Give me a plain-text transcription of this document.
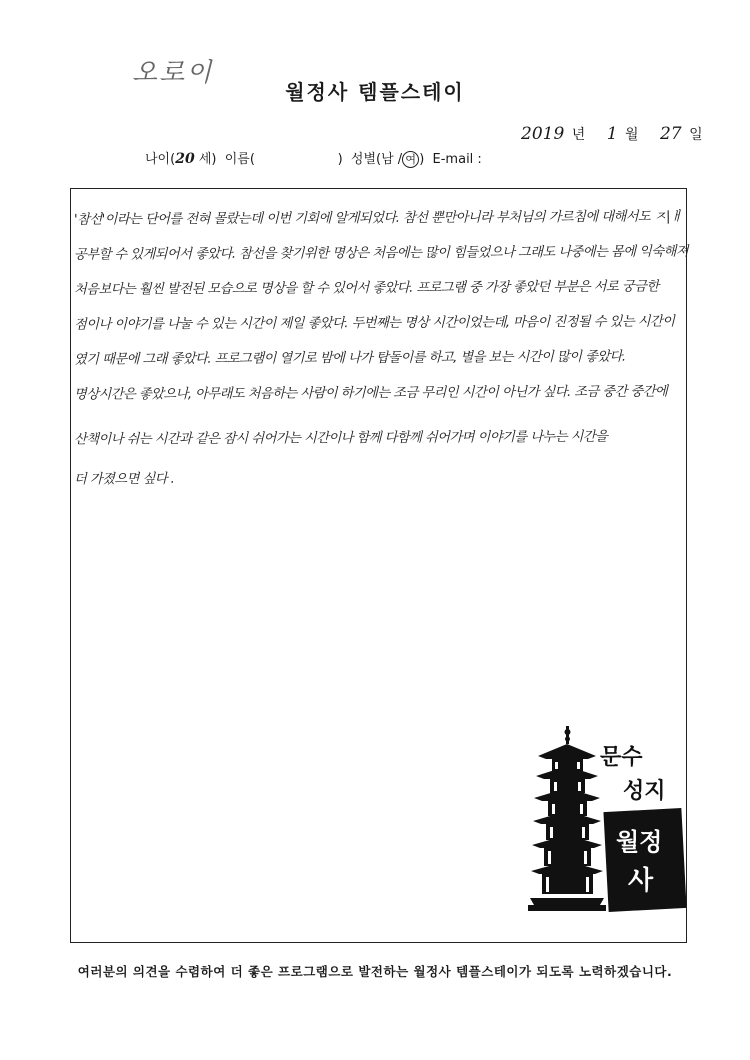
오로이
월정사 템플스테이
2019 년 1 월 27 일
나이(20 세) 이름(	) 성별(남 / 여 ) E-mail :
'참선'이라는 단어를 전혀 몰랐는데 이번 기회에 알게되었다. 참선 뿐만아니라 부처님의 가르침에 대해서도 ㅈ|ㅐ
공부할 수 있게되어서 좋았다. 참선을 찾기위한 명상은 처음에는 많이 힘들었으나 그래도 나중에는 몸에 익숙해져
처음보다는 훨씬 발전된 모습으로 명상을 할 수 있어서 좋았다. 프로그램 중 가장 좋았던 부분은 서로 궁금한
점이나 이야기를 나눌 수 있는 시간이 제일 좋았다. 두번째는 명상 시간이었는데, 마음이 진정될 수 있는 시간이
였기 때문에 그래 좋았다. 프로그램이 열기로 밤에 나가 탑돌이를 하고, 별을 보는 시간이 많이 좋았다.
명상시간은 좋았으나, 아무래도 처음하는 사람이 하기에는 조금 무리인 시간이 아닌가 싶다. 조금 중간 중간에
산책이나 쉬는 시간과 같은 잠시 쉬어가는 시간이나 함께 다함께 쉬어가며 이야기를 나누는 시간을
더 가졌으면 싶다 .
문수
성지
월정
사
여러분의 의견을 수렴하여 더 좋은 프로그램으로 발전하는 월정사 템플스테이가 되도록 노력하겠습니다.
